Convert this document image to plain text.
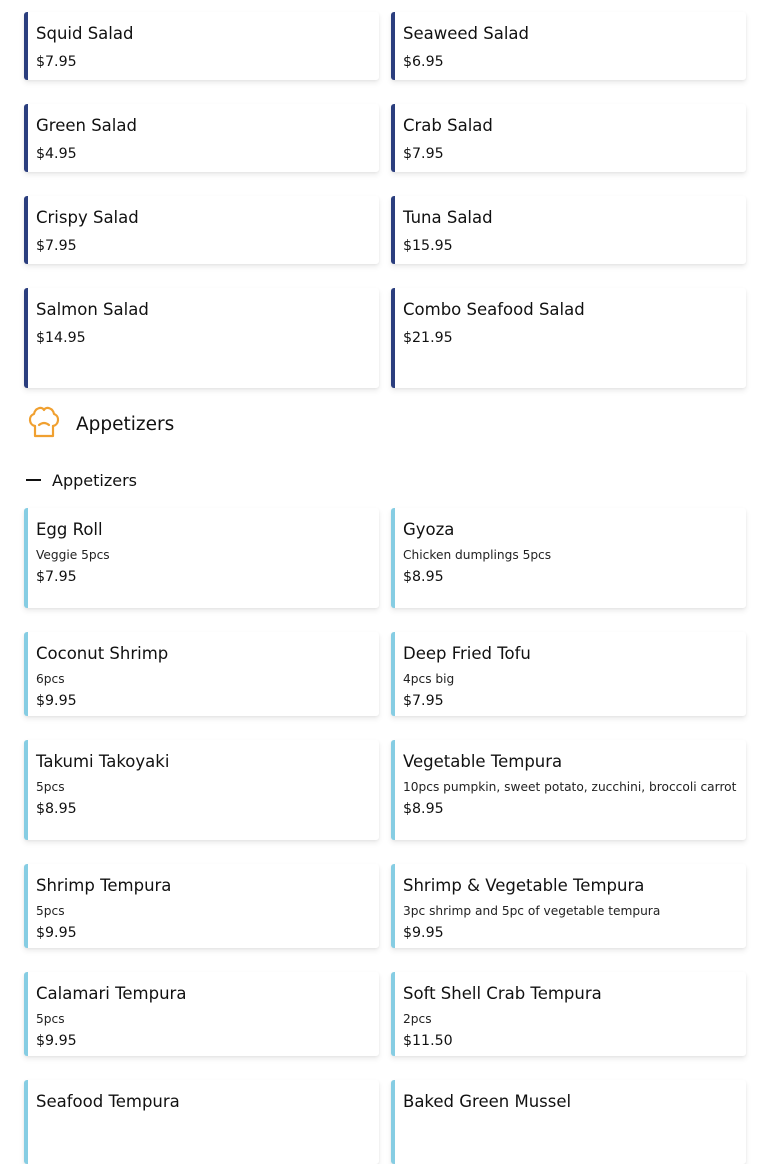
Squid Salad
$7.95
Seaweed Salad
$6.95
Green Salad
$4.95
Crab Salad
$7.95
Crispy Salad
$7.95
Tuna Salad
$15.95
Salmon Salad
$14.95
Combo Seafood Salad
$21.95
Appetizers
Appetizers
Egg Roll
Veggie 5pcs
$7.95
Gyoza
Chicken dumplings 5pcs
$8.95
Coconut Shrimp
6pcs
$9.95
Deep Fried Tofu
4pcs big
$7.95
Takumi Takoyaki
5pcs
$8.95
Vegetable Tempura
10pcs pumpkin, sweet potato, zucchini, broccoli carrot
$8.95
Shrimp Tempura
5pcs
$9.95
Shrimp & Vegetable Tempura
3pc shrimp and 5pc of vegetable tempura
$9.95
Calamari Tempura
5pcs
$9.95
Soft Shell Crab Tempura
2pcs
$11.50
Seafood Tempura	Baked Green Mussel
